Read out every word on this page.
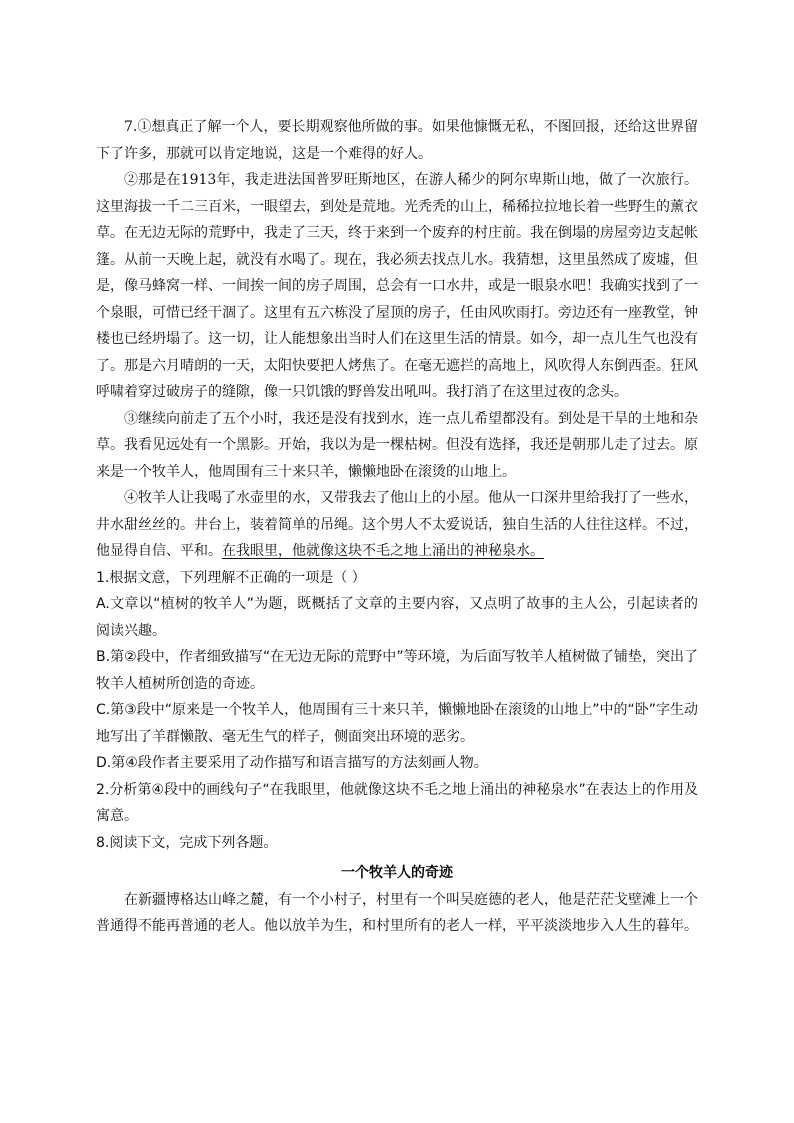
7.①想真正了解一个人，要长期观察他所做的事。如果他慷慨无私，不图回报，还给这世界留下了许多，那就可以肯定地说，这是一个难得的好人。

②那是在1913年，我走进法国普罗旺斯地区，在游人稀少的阿尔卑斯山地，做了一次旅行。这里海拔一千二三百米，一眼望去，到处是荒地。光秃秃的山上，稀稀拉拉地长着一些野生的薰衣草。在无边无际的荒野中，我走了三天，终于来到一个废弃的村庄前。我在倒塌的房屋旁边支起帐篷。从前一天晚上起，就没有水喝了。现在，我必须去找点儿水。我猜想，这里虽然成了废墟，但是，像马蜂窝一样、一间挨一间的房子周围，总会有一口水井，或是一眼泉水吧！我确实找到了一个泉眼，可惜已经干涸了。这里有五六栋没了屋顶的房子，任由风吹雨打。旁边还有一座教堂，钟楼也已经坍塌了。这一切，让人能想象出当时人们在这里生活的情景。如今，却一点儿生气也没有了。那是六月晴朗的一天，太阳快要把人烤焦了。在毫无遮拦的高地上，风吹得人东倒西歪。狂风呼啸着穿过破房子的缝隙，像一只饥饿的野兽发出吼叫。我打消了在这里过夜的念头。

③继续向前走了五个小时，我还是没有找到水，连一点儿希望都没有。到处是干旱的土地和杂草。我看见远处有一个黑影。开始，我以为是一棵枯树。但没有选择，我还是朝那儿走了过去。原来是一个牧羊人，他周围有三十来只羊，懒懒地卧在滚烫的山地上。

④牧羊人让我喝了水壶里的水，又带我去了他山上的小屋。他从一口深井里给我打了一些水，井水甜丝丝的。井台上，装着简单的吊绳。这个男人不太爱说话，独自生活的人往往这样。不过，他显得自信、平和。在我眼里，他就像这块不毛之地上涌出的神秘泉水。

1.根据文意，下列理解不正确的一项是（ ）

A.文章以“植树的牧羊人”为题，既概括了文章的主要内容，又点明了故事的主人公，引起读者的阅读兴趣。

B.第②段中，作者细致描写“在无边无际的荒野中”等环境，为后面写牧羊人植树做了铺垫，突出了牧羊人植树所创造的奇迹。

C.第③段中“原来是一个牧羊人，他周围有三十来只羊，懒懒地卧在滚烫的山地上”中的“卧”字生动地写出了羊群懒散、毫无生气的样子，侧面突出环境的恶劣。

D.第④段作者主要采用了动作描写和语言描写的方法刻画人物。

2.分析第④段中的画线句子“在我眼里，他就像这块不毛之地上涌出的神秘泉水”在表达上的作用及寓意。

8.阅读下文，完成下列各题。

一个牧羊人的奇迹

在新疆博格达山峰之麓，有一个小村子，村里有一个叫吴庭德的老人，他是茫茫戈壁滩上一个普通得不能再普通的老人。他以放羊为生，和村里所有的老人一样，平平淡淡地步入人生的暮年。
